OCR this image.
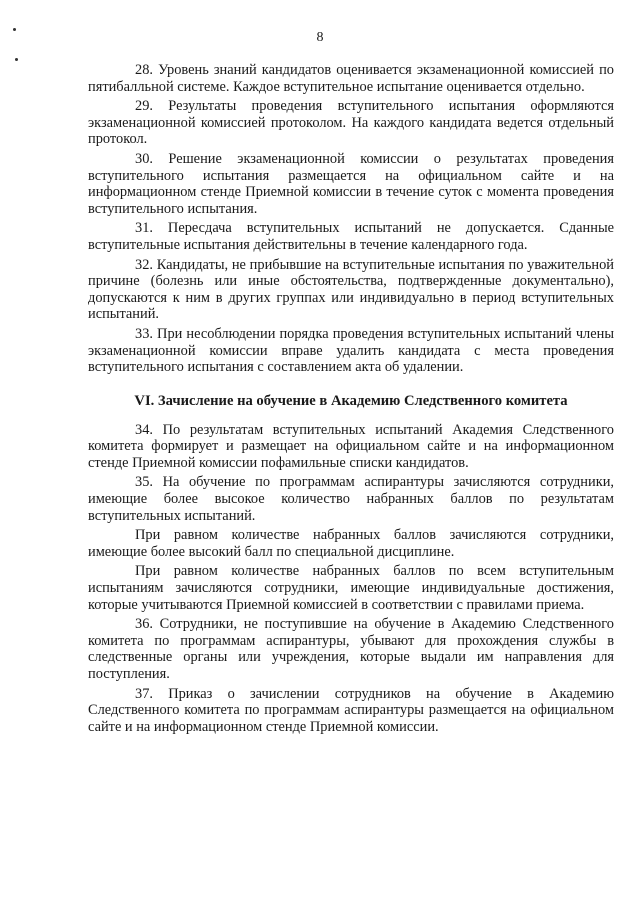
8

28. Уровень знаний кандидатов оценивается экзаменационной комиссией по пятибалльной системе. Каждое вступительное испытание оценивается отдельно.

29. Результаты проведения вступительного испытания оформляются экзаменационной комиссией протоколом. На каждого кандидата ведется отдельный протокол.

30. Решение экзаменационной комиссии о результатах проведения вступительного испытания размещается на официальном сайте и на информационном стенде Приемной комиссии в течение суток с момента проведения вступительного испытания.

31. Пересдача вступительных испытаний не допускается. Сданные вступительные испытания действительны в течение календарного года.

32. Кандидаты, не прибывшие на вступительные испытания по уважительной причине (болезнь или иные обстоятельства, подтвержденные документально), допускаются к ним в других группах или индивидуально в период вступительных испытаний.

33. При несоблюдении порядка проведения вступительных испытаний члены экзаменационной комиссии вправе удалить кандидата с места проведения вступительного испытания с составлением акта об удалении.

VI. Зачисление на обучение в Академию Следственного комитета

34. По результатам вступительных испытаний Академия Следственного комитета формирует и размещает на официальном сайте и на информационном стенде Приемной комиссии пофамильные списки кандидатов.

35. На обучение по программам аспирантуры зачисляются сотрудники, имеющие более высокое количество набранных баллов по результатам вступительных испытаний.

При равном количестве набранных баллов зачисляются сотрудники, имеющие более высокий балл по специальной дисциплине.

При равном количестве набранных баллов по всем вступительным испытаниям зачисляются сотрудники, имеющие индивидуальные достижения, которые учитываются Приемной комиссией в соответствии с правилами приема.

36. Сотрудники, не поступившие на обучение в Академию Следственного комитета по программам аспирантуры, убывают для прохождения службы в следственные органы или учреждения, которые выдали им направления для поступления.

37. Приказ о зачислении сотрудников на обучение в Академию Следственного комитета по программам аспирантуры размещается на официальном сайте и на информационном стенде Приемной комиссии.
